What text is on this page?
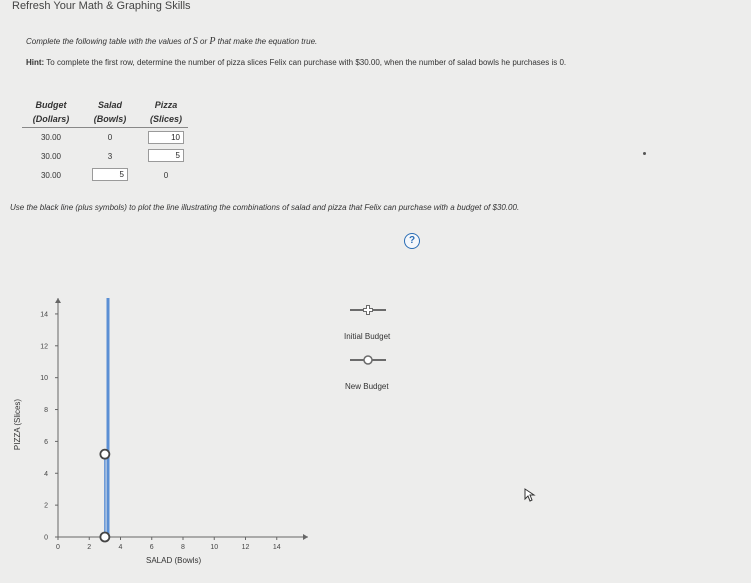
Refresh Your Math & Graphing Skills
Complete the following table with the values of S or P that make the equation true.
Hint: To complete the first row, determine the number of pizza slices Felix can purchase with $30.00, when the number of salad bowls he purchases is 0.
Budget
(Dollars)
Salad
(Bowls)
Pizza
(Slices)
30.00	0	10
30.00	3	5
30.00	5	0
Use the black line (plus symbols) to plot the line illustrating the combinations of salad and pizza that Felix can purchase with a budget of $30.00.
?
0	2	4	6	8	10	12	14
0
2
4
6
8
10
12
14
PIZZA (Slices)
SALAD (Bowls)
Initial Budget
New Budget
